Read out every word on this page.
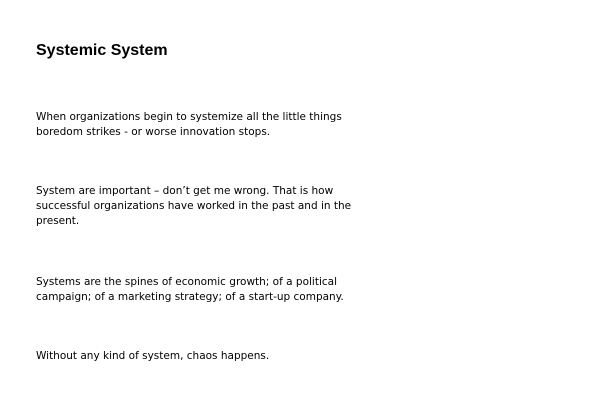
Systemic System

When organizations begin to systemize all the little things
boredom strikes - or worse innovation stops.

System are important – don’t get me wrong. That is how
successful organizations have worked in the past and in the
present.

Systems are the spines of economic growth; of a political
campaign; of a marketing strategy; of a start-up company.

Without any kind of system, chaos happens.
